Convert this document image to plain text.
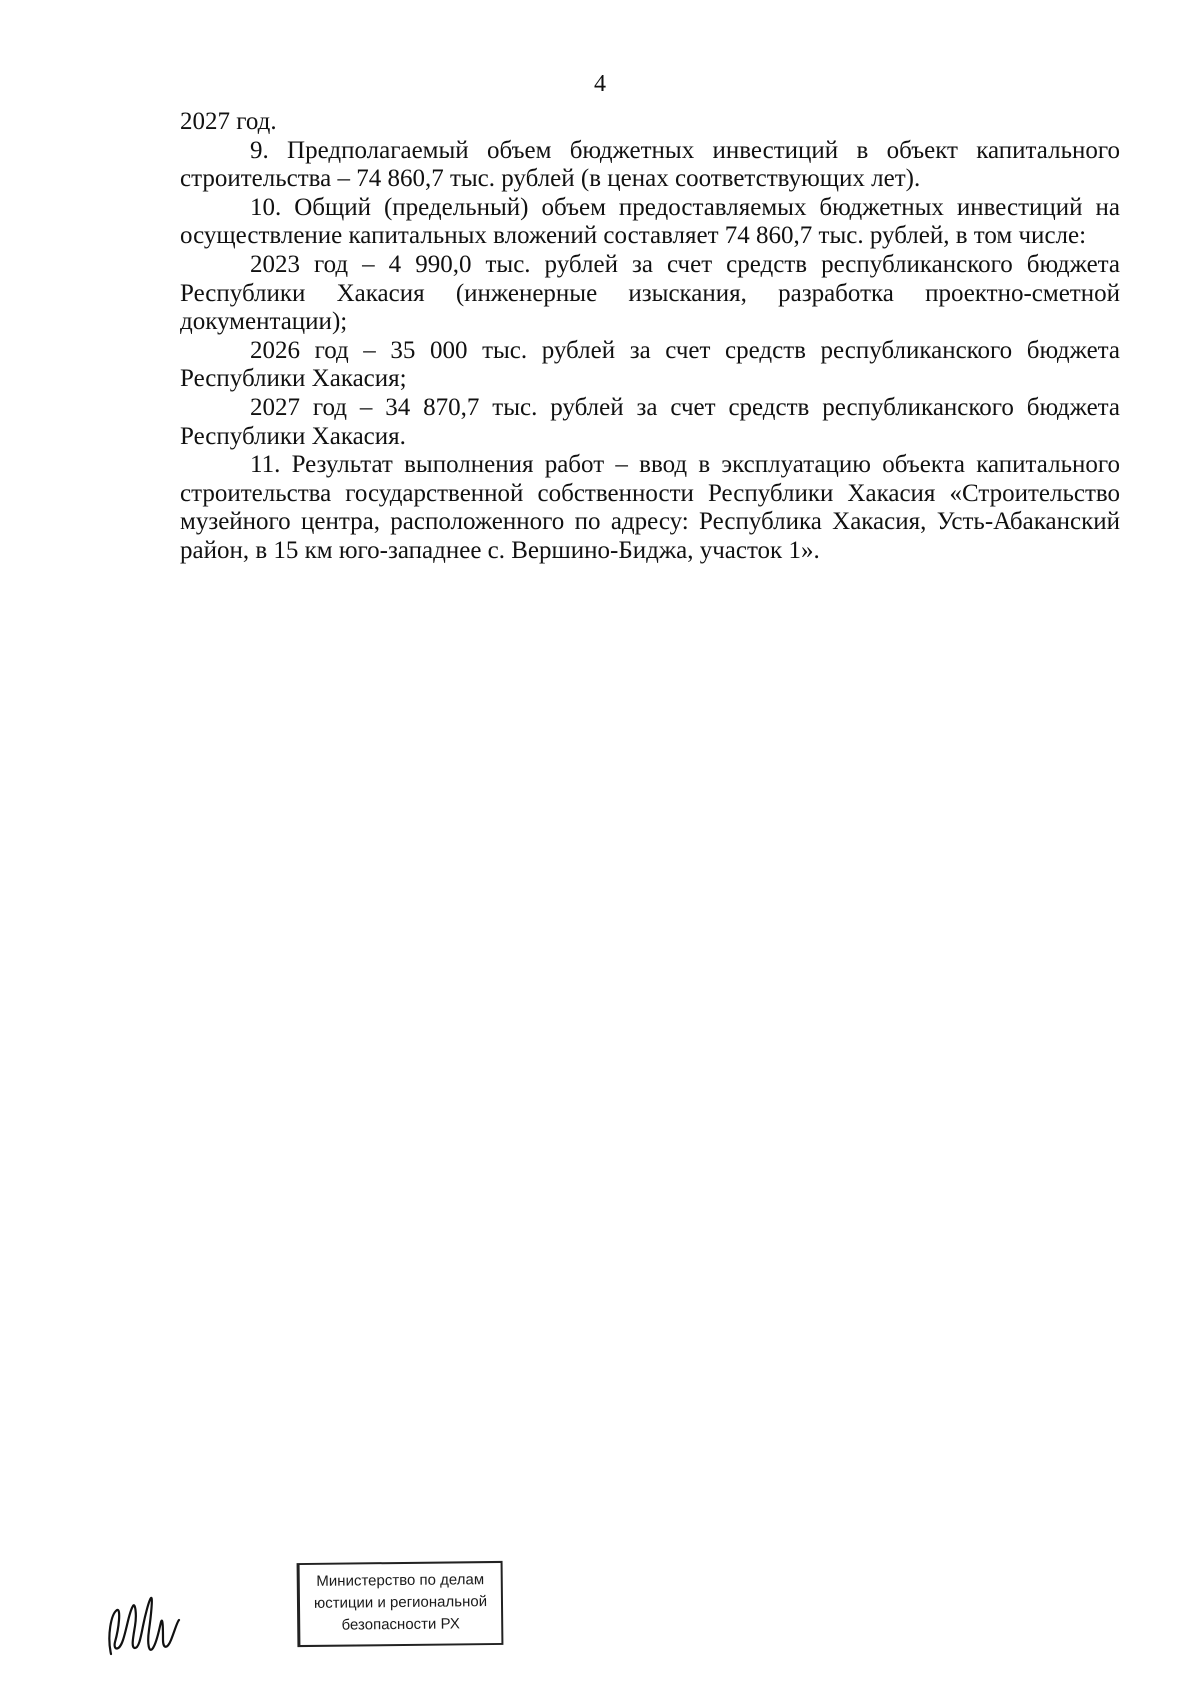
4

2027 год.

9. Предполагаемый объем бюджетных инвестиций в объект капитального строительства – 74 860,7 тыс. рублей (в ценах соответствующих лет).

10. Общий (предельный) объем предоставляемых бюджетных инвестиций на осуществление капитальных вложений составляет 74 860,7 тыс. рублей, в том числе:

2023 год – 4 990,0 тыс. рублей за счет средств республиканского бюджета Республики Хакасия (инженерные изыскания, разработка проектно-сметной документации);

2026 год – 35 000 тыс. рублей за счет средств республиканского бюджета Республики Хакасия;

2027 год – 34 870,7 тыс. рублей за счет средств республиканского бюджета Республики Хакасия.

11. Результат выполнения работ – ввод в эксплуатацию объекта капитального строительства государственной собственности Республики Хакасия «Строительство музейного центра, расположенного по адресу: Республика Хакасия, Усть-Абаканский район, в 15 км юго-западнее с. Вершино-Биджа, участок 1».

Министерство по делам
юстиции и региональной
безопасности РХ
